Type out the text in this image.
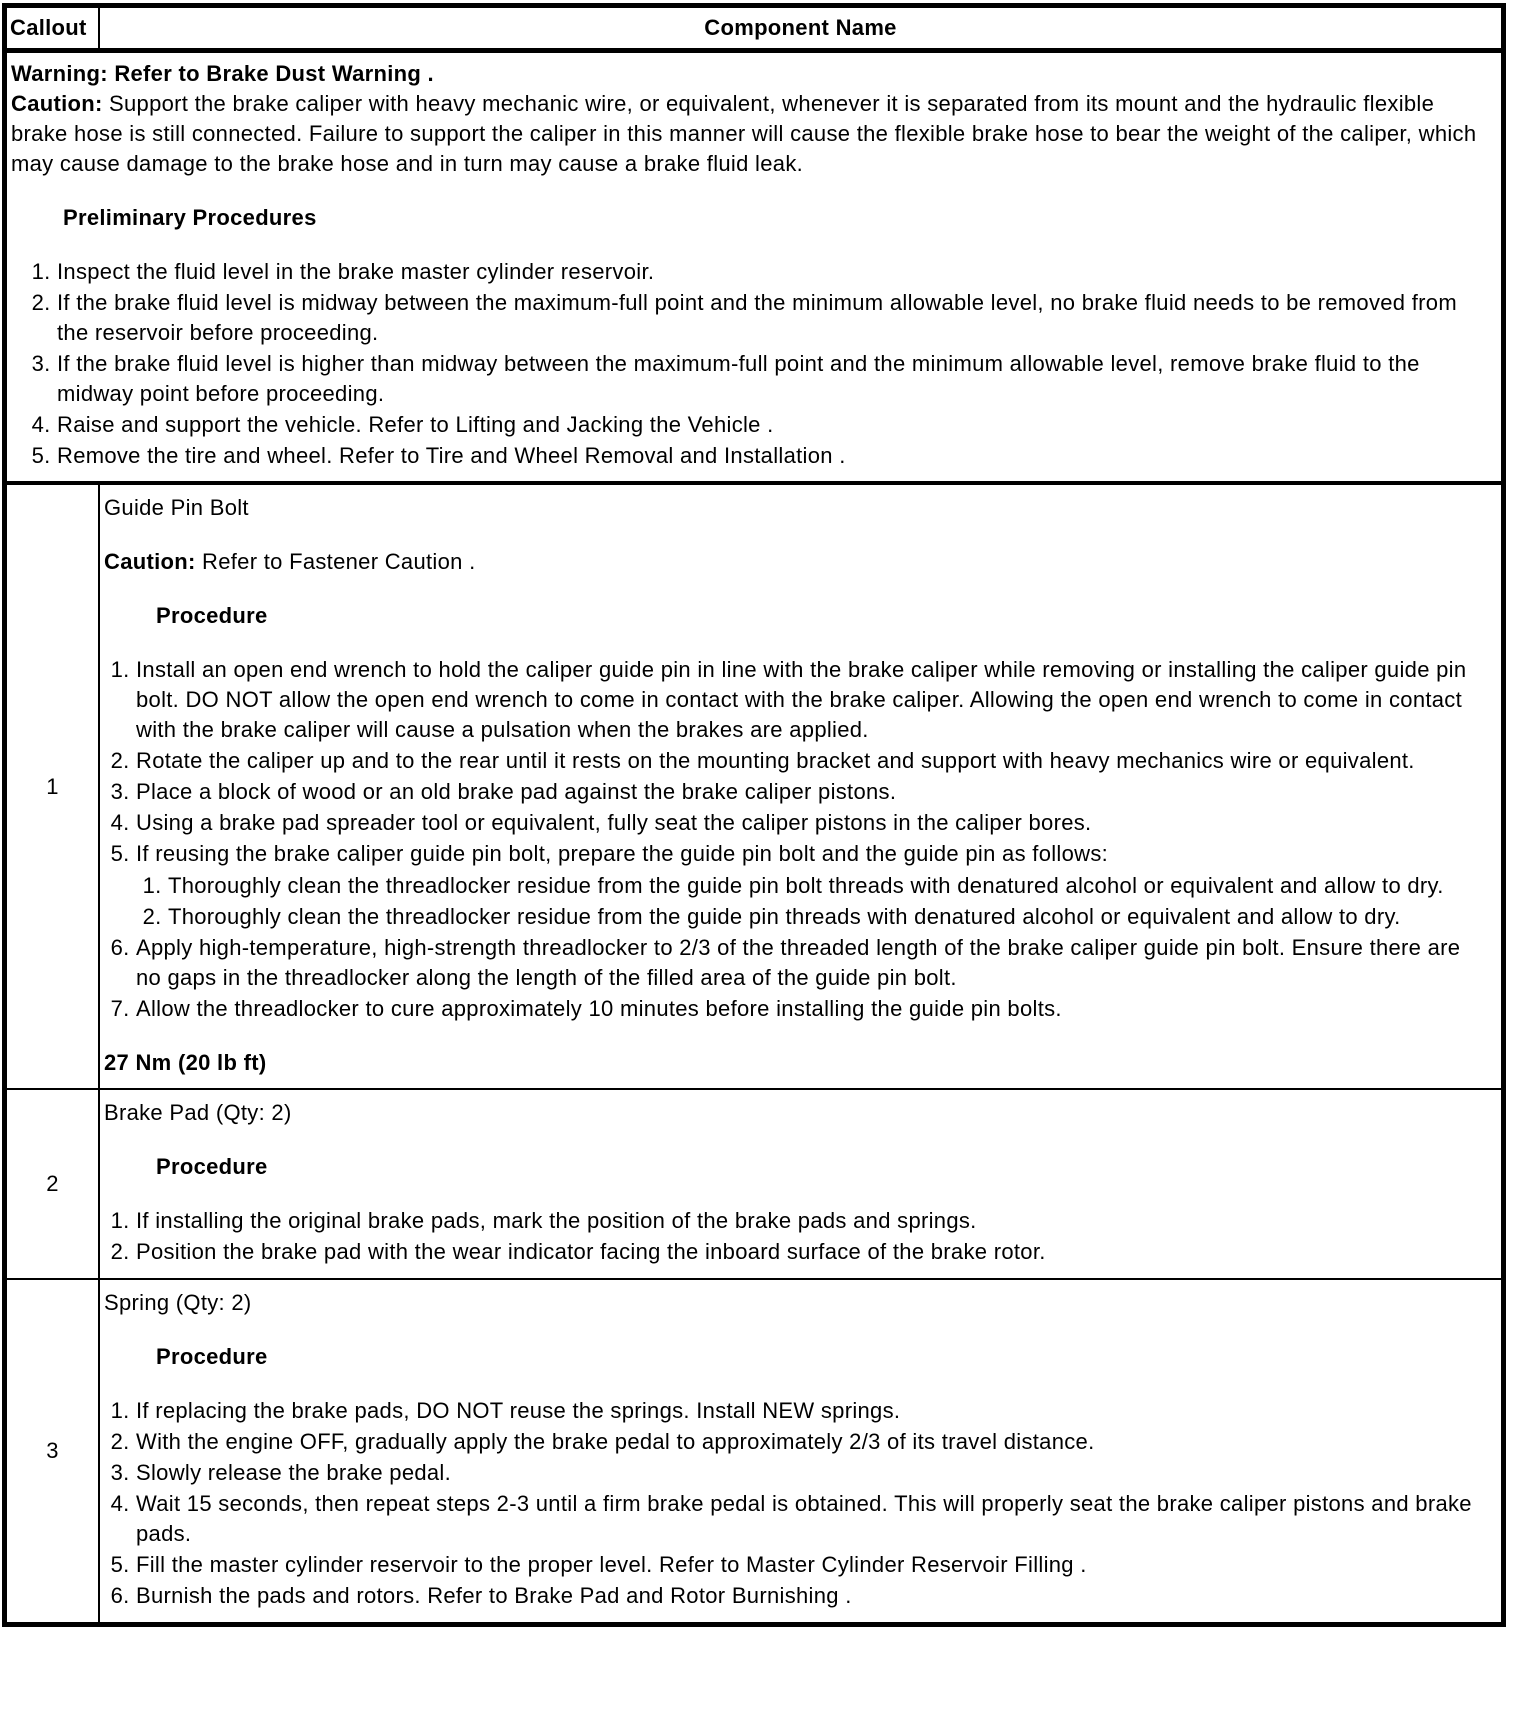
Callout	Component Name

Warning: Refer to Brake Dust Warning .

Caution: Support the brake caliper with heavy mechanic wire, or equivalent, whenever it is separated from its mount and the hydraulic flexible brake hose is still connected. Failure to support the caliper in this manner will cause the flexible brake hose to bear the weight of the caliper, which may cause damage to the brake hose and in turn may cause a brake fluid leak.

Preliminary Procedures
1. Inspect the fluid level in the brake master cylinder reservoir.
2. If the brake fluid level is midway between the maximum-full point and the minimum allowable level, no brake fluid needs to be removed from the reservoir before proceeding.
3. If the brake fluid level is higher than midway between the maximum-full point and the minimum allowable level, remove brake fluid to the midway point before proceeding.
4. Raise and support the vehicle. Refer to Lifting and Jacking the Vehicle .
5. Remove the tire and wheel. Refer to Tire and Wheel Removal and Installation .
1

Guide Pin Bolt

Caution: Refer to Fastener Caution .

Procedure
1. Install an open end wrench to hold the caliper guide pin in line with the brake caliper while removing or installing the caliper guide pin bolt. DO NOT allow the open end wrench to come in contact with the brake caliper. Allowing the open end wrench to come in contact with the brake caliper will cause a pulsation when the brakes are applied.
2. Rotate the caliper up and to the rear until it rests on the mounting bracket and support with heavy mechanics wire or equivalent.
3. Place a block of wood or an old brake pad against the brake caliper pistons.
4. Using a brake pad spreader tool or equivalent, fully seat the caliper pistons in the caliper bores.
5. If reusing the brake caliper guide pin bolt, prepare the guide pin bolt and the guide pin as follows:
1. Thoroughly clean the threadlocker residue from the guide pin bolt threads with denatured alcohol or equivalent and allow to dry.
2. Thoroughly clean the threadlocker residue from the guide pin threads with denatured alcohol or equivalent and allow to dry.
6. Apply high-temperature, high-strength threadlocker to 2/3 of the threaded length of the brake caliper guide pin bolt. Ensure there are no gaps in the threadlocker along the length of the filled area of the guide pin bolt.
7. Allow the threadlocker to cure approximately 10 minutes before installing the guide pin bolts.

27 Nm (20 lb ft)

2

Brake Pad (Qty: 2)

Procedure
1. If installing the original brake pads, mark the position of the brake pads and springs.
2. Position the brake pad with the wear indicator facing the inboard surface of the brake rotor.
3

Spring (Qty: 2)

Procedure
1. If replacing the brake pads, DO NOT reuse the springs. Install NEW springs.
2. With the engine OFF, gradually apply the brake pedal to approximately 2/3 of its travel distance.
3. Slowly release the brake pedal.
4. Wait 15 seconds, then repeat steps 2-3 until a firm brake pedal is obtained. This will properly seat the brake caliper pistons and brake pads.
5. Fill the master cylinder reservoir to the proper level. Refer to Master Cylinder Reservoir Filling .
6. Burnish the pads and rotors. Refer to Brake Pad and Rotor Burnishing .
